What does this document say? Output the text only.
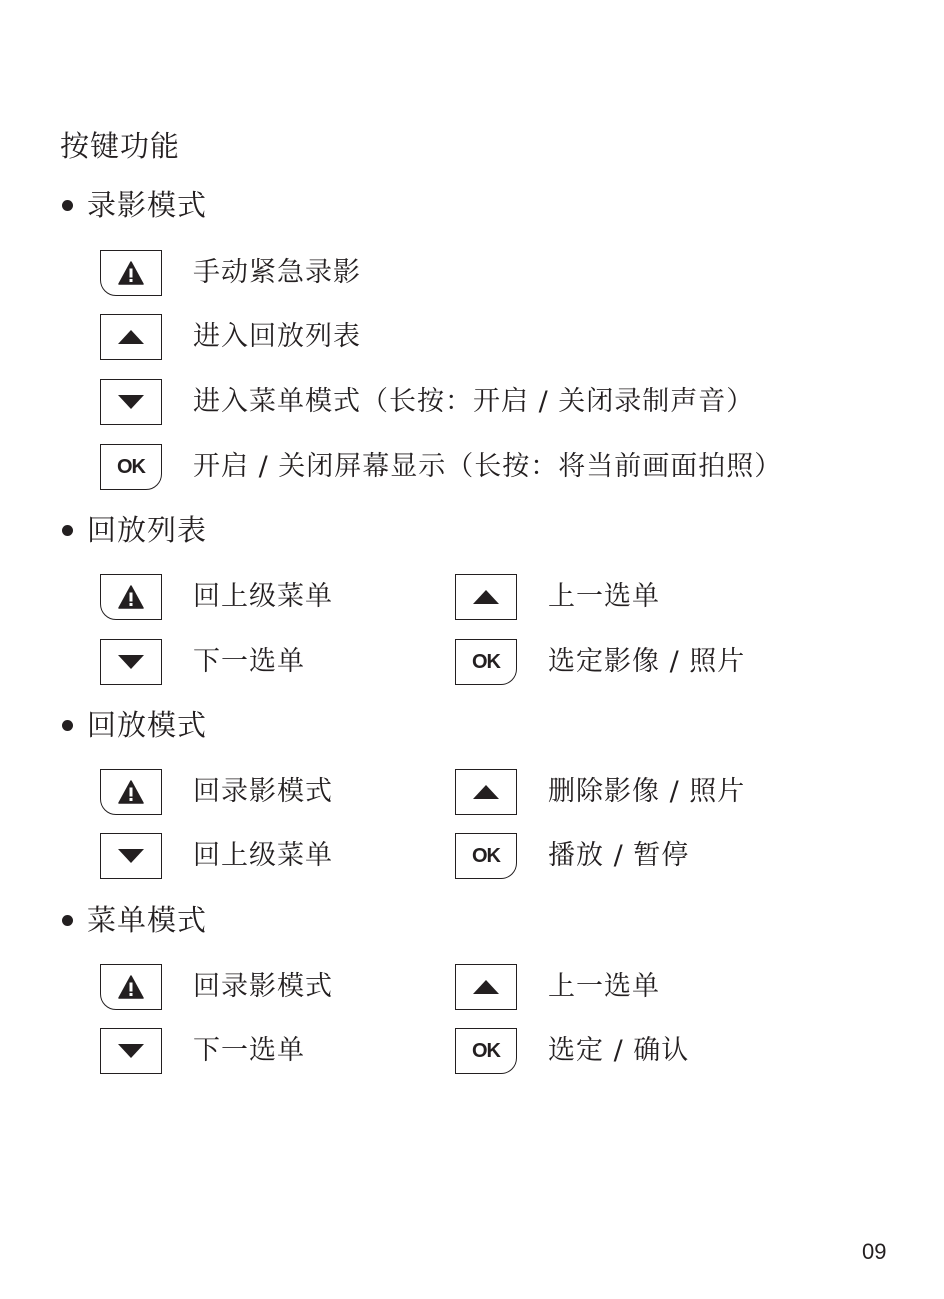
按键功能
录影模式
手动紧急录影
进入回放列表
进入菜单模式（长按：开启 / 关闭录制声音）
OK 开启 / 关闭屏幕显示（长按：将当前画面拍照）
回放列表
回上级菜单	上一选单
下一选单	OK 选定影像 / 照片
回放模式
回录影模式	删除影像 / 照片
回上级菜单	OK 播放 / 暂停
菜单模式
回录影模式	上一选单
下一选单	OK 选定 / 确认
09
